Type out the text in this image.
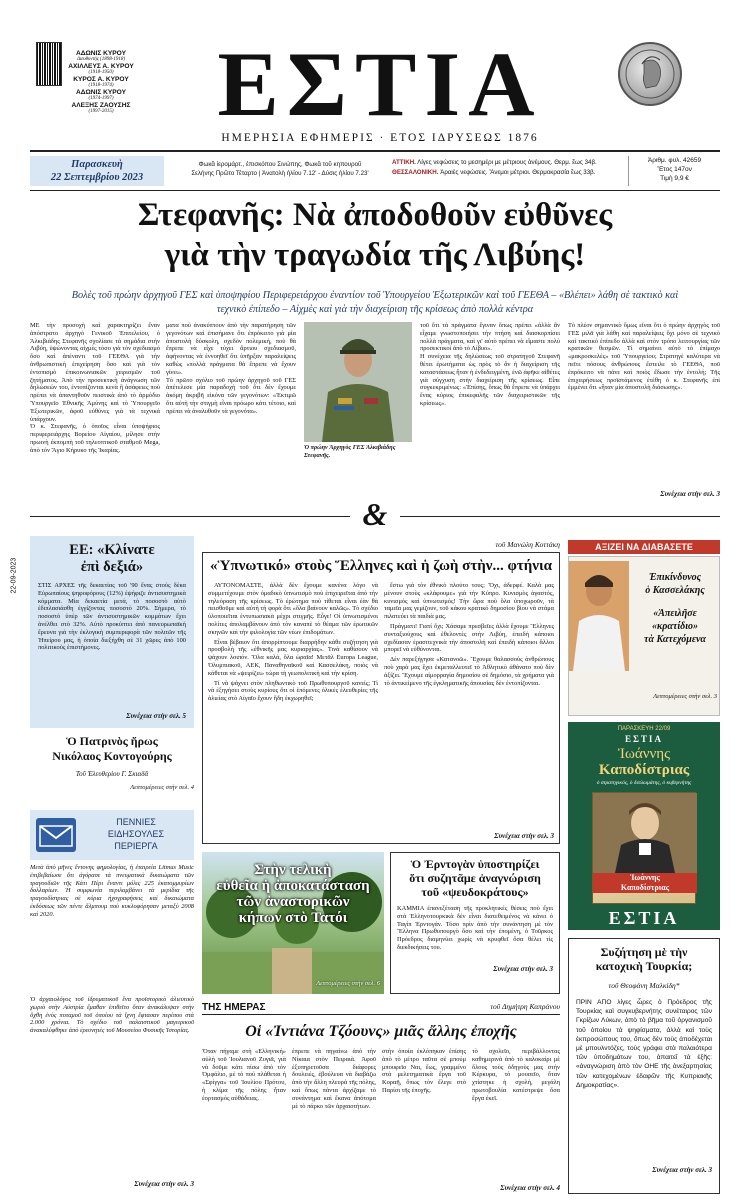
ΑΔΩΝΙΣ ΚΥΡΟΥ
Διευθυντής (1898-1918)
ΑΧΙΛΛΕΥΣ Α. ΚΥΡΟΥ
(1918-1950)
ΚΥΡΟΣ Α. ΚΥΡΟΥ
(1918-1974)
ΑΔΩΝΙΣ ΚΥΡΟΥ
(1974-1997)
ΑΛΕΞΗΣ ΖΑΟΥΣΗΣ
(1997-2015)	ΕΣΤΙΑ
ΗΜΕΡΗΣΙΑ ΕΦΗΜΕΡΙΣ · ΕΤΟΣ ΙΔΡΥΣΕΩΣ 1876
Παρασκευὴ
22 Σεπτεμβρίου 2023
Φωκᾶ ἱερομάρτ., ἐπισκόπου Σινώπης, Φωκᾶ τοῦ κηπουροῦ
Σελήνης Πρῶτο Τέταρτο | Ἀνατολὴ ἡλίου 7.12' - Δύσις ἡλίου 7.23'
ΑΤΤΙΚΗ. Λίγες νεφώσεις το μεσημέρι με μέτριους ἀνέμους. Θερμ. ἕως 34β.
ΘΕΣΣΑΛΟΝΙΚΗ. Ἀραιὲς νεφώσεις. Ἄνεμοι μέτριοι. Θερμοκρασία ἕως 33β.
Ἀριθμ. φυλ. 42659
Ἔτος 147ον
Τιμὴ 9,9 €
Στεφανῆς: Νὰ ἀποδοθοῦν εὐθῦνες
γιὰ τὴν τραγωδία τῆς Λιβύης!
Βολὲς τοῦ πρώην ἀρχηγοῦ ΓΕΣ καὶ ὑποψηφίου Περιφερειάρχου ἐναντίον τοῦ Ὑπουργείου Ἐξωτερικῶν καὶ τοῦ ΓΕΕΘΑ – «Βλέπει» λάθη σὲ τακτικὸ καὶ τεχνικὸ ἐπίπεδο – Αἰχμὲς καὶ γιὰ τὴν διαχείριση τῆς κρίσεως ἀπὸ πολλὰ κέντρα
ΜΕ τὴν προσοχὴ καὶ χαρακτηρίζει ἕναν ἀπόστρατο ἀρχηγὸ Γενικοῦ Ἐπιτελείου, ὁ Ἀλκιβιάδης Στεφανῆς σχολίασε τὰ σημάδια στὴν Λιβύη, ὑψώνοντας αἰχμὲς τόσο γιὰ τὸν σχεδιασμὸ ὅσο καὶ ἀπέναντι τοῦ ΓΕΕΘΑ γιὰ τὴν ἀνθρωπιστικὴ ἐπιχείρηση ὅσο καὶ γιὰ τὸν ἐντοπισμὸ ἐπικοινωνιακῶν χειρισμῶν τοῦ ζητήματος. Ἀπὸ τὴν προσεκτικὴ ἀνάγνωση τῶν δηλώσεών του, ἐντοπίζονται κενὰ ἢ ἀσάφειες ποὺ πρέπει νὰ ἀπαντηθοῦν πειστικὰ ἀπὸ τὸ ἀρμόδιο Ὑπουργεῖο Ἐθνικῆς Ἀμύνης καὶ τὸ Ὑπουργεῖο Ἐξωτερικῶν, ἀφοῦ εὐθύνες γιὰ τὰ τεχνικά ὑπάρχουν.
Ὁ κ. Στεφανῆς, ὁ ὁποῖος εἶναι ὑποψήφιος περιφερειάρχης Βορείου Αἰγαίου, μίλησε στὴν πρωινὴ ἐκπομπὴ τοῦ τηλεοπτικοῦ σταθμοῦ Mega, ἀπὸ τὸν Ἅγιο Κήρυκο τῆς Ἰκαρίας.
ματα ποὺ ἀνακύπτουν ἀπὸ τὴν παρατήρηση τῶν γεγονότων καὶ ἐπισήμανε ὅτι ἐπρόκειτο γιὰ μία ἀποστολὴ δύσκολη, σχεδὸν πολεμική, ποὺ θὰ ἔπρεπε νὰ εἶχε τύχει ἄρτιου σχεδιασμοῦ, ἀφήνοντας νὰ ἐννοηθεῖ ὅτι ὑπῆρξαν παραλείψεις καθὼς «πολλὰ πράγματα θὰ ἔπρεπε νὰ ἔχουν γίνει».
Τὸ πρῶτο σχόλιο τοῦ πρώην ἀρχηγοῦ τοῦ ΓΕΣ ἀπέτελεσε μία παραδοχὴ τοῦ ὅτι δὲν ἔχουμε ἀκόμη ἀκριβῆ εἰκόνα τῶν γεγονότων: «Ἐκτιμῶ ὅτι αὐτὴ τὴν στιγμὴ εἶναι πρόωρο κάτι τέτοιο, καὶ πρέπει νὰ ἀναλυθοῦν τὰ γεγονότα».
Ὁ πρώην Ἀρχηγὸς ΓΕΣ Ἀλκιβιάδης Στεφανῆς.
τοῦ ὅτι τὰ πράγματα ἔγιναν ὅπως πρέπει «ἀλλὰ ἂν εἶχαμε γνωστοποιήσει τὴν πτήση καὶ διασκορπίσει πολλὰ πράγματα, καὶ γι' αὐτὸ πρέπει νὰ εἴμαστε πολὺ προσεκτικοὶ ἀπὸ τὸ Λίβυο».
Η συνέχεια τῆς δηλώσεως τοῦ στρατηγοῦ Στεφανῆ θέτει ἐρωτήματα ὡς πρὸς τὸ ἂν ἡ διαχείριση τῆς καταστάσεως ἦταν ἡ ἐνδεδειγμένη, ἐνῶ ἀφῆκε αἰθέτες γιὰ σύγχυση στὴν διαχείριση τῆς κρίσεως. Εἶπε συγκεκριμένως: «Ἐπίσης, ὅπως θὰ ἔπρεπε νὰ ὑπάρχει ἕνας κύριος ἐπικεφαλῆς τῶν διαχειριστικῶν τῆς κρίσεως».
Τὸ πλέον σημαντικὸ ὅμως εἶναι ὅτι ὁ πρώην ἀρχηγὸς τοῦ ΓΕΣ μιλᾶ γιὰ λάθη καὶ παραλείψεις ὄχι μόνο σὲ τεχνικὸ καὶ τακτικὸ ἐπίπεδο ἀλλὰ καὶ στὸν τρόπο λειτουργίας τῶν κρατικῶν θεσμῶν. Τί σημαίνει αὐτὸ τὸ ἐπίμαχο «μακροσκελὲς» τοῦ Ὑπουργείου; Στρατηγὲ καλύτερα νὰ πεῖτε πόσους ἀνθρώπους ἔστειλε τὸ ΓΕΕΘΑ, ποῦ ἐπρόκειτο νὰ πάνε καὶ ποιὸς ἔδωσε τὴν ἐντολή; Τῆς ἐπιχειρήσεως προϊστάμενος ἐτέθη ὁ κ. Στεφανῆς ἐπὶ ἐμμένει ὅτι «ἦταν μία ἀποστολὴ διάσωσης».
Συνέχεια στὴν σελ. 3
&
ΕΕ: «Κλίνατε
ἐπὶ δεξιά»
ΣΤΙΣ ΑΡΧΕΣ τῆς δεκαετίας τοῦ '90 ἕνας στοὺς δέκα Εὐρωπαίους ψηφοφόρους (12%) ἐψήφιζε ἀντισυστημικὰ κόμματα. Μία δεκαετία μετά, τὸ ποσοστὸ αὐτὸ ἐδιπλασιάσθη ἐγγίζοντας ποσοστὸ 20%. Σήμερα, τὸ ποσοστὸ ὑπὲρ τῶν ἀντισυστημικῶν κομμάτων ἔχει ἀνέλθει στὸ 32%. Αὐτὸ προκύπτει ἀπὸ πανευρωπαϊκὴ ἔρευνα γιὰ τὴν ἐκλογικὴ συμπεριφορὰ τῶν πολιτῶν τῆς Ἠπείρου μας, ἡ ὁποία διεξήχθη σὲ 31 χῶρες ἀπὸ 100 πολιτικοὺς ἐπιστήμονες.
Συνέχεια στὴν σελ. 5
Ὁ Πατρινὸς ἥρως
Νικόλαος Κοντογούρης
Τοῦ Ἐλευθερίου Γ. Σκιαδᾶ
Λεπτομέρειες στὴν σελ. 4
ΠΕΝΝΙΕΣ
ΕΙΔΗΣΟΥΛΕΣ
ΠΕΡΙΕΡΓΑ
Μετὰ ἀπὸ μῆνες ἔντονης φημολογίας, ἡ ἑταιρεία Litmus Music ἐπιβεβαίωσε ὅτι ἀγόρασε τὰ πνευματικὰ δικαιώματα τῶν τραγουδιῶν τῆς Κάτι Πέρι ἔναντι μόλις 225 ἑκατομμυρίων δολλαρίων. Ἡ συμφωνία περιλαμβάνει τὰ μερίδια τῆς τραγουδίστριας σὲ κύρια ἠχογραφήσεις καὶ δικαιώματα ἐκδόσεως τῶν πέντε ἄλμπουμ ποὺ κυκλοφόρησαν μεταξὺ 2008 καὶ 2020.
Ὁ ἀρχαιολόγος τοῦ ἱδρυματικοῦ ἕνα προϊστορικὸ ἀλιευτικὸ χωριὸ στὴν Αὐστρία ἔμαθαν ἐπιθεῖτο ὅταν ἀνακάλυψαν στὴν ὄχθη ἑνὸς ποταμοῦ τοῦ ὁποίου τὰ ἴχνη ἔφτασαν περίπου στὰ 2.000 χρόνια. Τὸ σχέδιο τοῦ παλαιστικοῦ μαγειρικοῦ ἀνακαλύφθηκε ἀπὸ ἐρευνητὲς τοῦ Μουσείου Φυσικῆς Ἱστορίας.
Συνέχεια στὴν σελ. 3
22-09-2023
τοῦ Μανώλη Κοττάκη
«Ὑπνωτικό» στοὺς Ἕλληνες καὶ ἡ ζωὴ στὴν... φτήνια

ΑΥΤΟΝΟΜΑΣΤΕ, ἀλλὰ δὲν ἔχουμε κανένα λόγο νὰ συμμετέχουμε στὸν ὁμαδικὸ ὑπνωτισμὸ ποὺ ἐπιχειρεῖται ἀπὸ τὴν τηλεόραση τῆς κρίσεως. Τὸ ἐρώτημα ποὺ τίθεται εἶναι ἐὰν θὰ πεισθοῦμε καὶ αὐτὴ τὴ φορὰ ὅτι «ὅλα βαίνουν καλῶς». Τὸ σχέδιο ὑλοποιεῖται ἐντυπωσιακὰ μέχρι στιγμῆς. Εὖγε! Οἱ ὑπνωτισμένοι πολίτες ἀπολαμβάνουν ἀπὸ τὸν καναπὲ τὸ θέαμα τῶν ἐρωτικῶν σκηνῶν καὶ τὴν φιλολογία τῶν νέων ἐπιδομάτων.

Εἶναι βέβαιον ὅτι ἀπορρίπτουμε διαρρήδην κάθε συζήτηση γιὰ προσβολὴ τῆς «ἐθνικῆς μας κυριαρχίας». Τινὰ καθίσουν νὰ ψάχουν λοιπόν. Ὅλα καλά, ὅλα ὡραῖα! Μετᾶλ Europa League, Ὀλυμπιακοῦ, AEK, Παναθηναϊκοῦ καὶ Κασσελάκη, ποιὸς νὰ κάθεται νὰ «ψειρίζει» τώρα τὴ γεωπολιτικὴ καὶ τὴν κρίση.

Τί νὰ ψάχνει στὸν πληθωντικὸ τοῦ Πρωθυπουργοῦ κανείς; Τὶ νὰ ἐξηγήσει στοὺς κυρίους ὅτι οἱ ἑπόμενες ὁλικὲς ἐλευθερίες τῆς ἀλιείας στὸ Αἰγαῖο ἔχουν ἤδη ἐκχωρηθεῖ;

ἔστω γιὰ τὸν ἐθνικὸ πλούτο τους; Ὄχι, ἀδερφέ. Καλὰ μας μένουν στοὺς «κλάφουμε» γιὰ τὴν Κύπρο. Κυνισμὸς ἀγαστός, κυνισμὸς καὶ ὑπνωτισμός! Τὴν ὥρα ποὺ ὅλα ὑποχωροῦν, τὰ ταμεῖα μας γεμίζουν, τοῦ κάκου κρατικό δημοσίου βίου νὰ στάμα πιλατεύει τὰ παιδιὰ μας.

Πράγματι! Γιατί ὄχι; Χάσαμε πρεσβεῖες ἀλλὰ ἔχουμε Ἕλληνες συνταξιούχους καὶ ἐθελοντὲς στὴν Λιβύη, ἐπειδὴ κάποιοι σχεδίασαν ἐρασιτεχνικὰ τὴν ἀποστολή καὶ ἐπειδὴ κάποιοι ἄλλοι μπορεῖ νὰ εὐθύνονται.

Δὲν παρεξήγησα «Κατανοῶ». Ἔχουμε θαλασσοὺς ἀνθρώπους ποὺ χαρὰ μας ἔχει ἐκμεταλλευτεῖ τὸ Ἀθλητικὸ ἀθάνατο ποὺ δὲν ἀξίζει. Ἔχουμε αἱμορραγία δημοσίου σὲ δημόσιο, τὰ χρήματα γιὰ τὸ ἀντικείμενο τῆς ἐγκληματικῆς ἀπουσίας δὲν ἐντοπίζονται.

Συνέχεια στὴν σελ. 3
Στὴν τελικὴ
εὐθεῖα ἡ ἀποκατάσταση
τῶν ἀναστορικῶν
κήπων στὸ Τατόι
Λεπτομέρειες στὴν σελ. 6
Ὁ Ἐρντογὰν ὑποστηρίζει
ὅτι συζητᾶμε ἀναγνώριση
τοῦ «ψευδοκράτους»
ΚΑΜΜΙΑ ἐπανεξέταση τῆς προκλητικές θέσεις ποὺ ἔχει στὰ Ἑλληνοτουρκικὰ δὲν εἶναι διατεθειμένος νὰ κάνει ὁ Ταγίπ Ἐρντογάν. Τόσο πρὶν ἀπὸ τὴν συνάντηση μὲ τὸν Ἕλληνα Πρωθυπουργὸ ὅσο καὶ τὴν ἑπομένη, ὁ Τοῦρκος Πρόεδρος διαμηνύει χωρὶς νὰ κρυφθεῖ ὅσα θέλει τὶς διεκδικήσεις του.
Συνέχεια στὴν σελ. 3
ΤΗΣ ΗΜΕΡΑΣ	τοῦ Δημήτρη Καπράνου
Οἱ «Ἰντιάνα Τζόουνς» μιᾶς ἄλλης ἐποχῆς
Ὅταν πήγαμε στὴ «Ελληνική» αὐλὴ τοῦ Ἰουλιανοῦ Ζυγιᾶ, γιὰ νὰ δοῦμε κάτι πίσω ἀπὸ τὸν Ὀμφάλιο, μὲ τὸ πού πλάθεται ἡ «Σφίγγα» τοῦ Ἰουλίου Πρότου, ἡ κλίμα τῆς πόλης ἦταν ἑορτασμὸς αὐθάδειας.
ἐπρεπε νὰ πηγαίνω ἀπὸ τὴν Νίκαια στὸν Πειραιὰ. Ἀφοῦ ἐξυπηρετοῦσα διάφορες δουλειές, ἐβούλευα νὰ διαβάζω ἀπὸ τὴν ἄλλη πλευρά τῆς πόλης, καὶ ὅπως πάντα ἀρχίζαμε τὸ συνάντημα καὶ ἔκανα ἀπότομα μὲ τὸ πάρκο τῶν ἀρχαιοτήτων.
στὴν ὁποία ἐκλόπηκαν ἐπίσης ἀπὸ τὸ μέτρο ταῦτα σὲ μπούμ μπουφεῖο Ναι, ἕως, γραμμένο στὰ μελετηματικὰ ἔργα τοῦ Κοραῆ, ὅπως τὸν ἔλεγε στὸ Παρίσι τῆς ἐποχῆς.
τὸ σχολεῖο, περιβάλλοντας καθημερινὰ ἀπὸ τὸ καλοκαίρι μὲ ὅλους τοὺς ὁδηγοὺς μας στὴν Κέρκυρα, τὸ μουσεῖο, ὅταν χτίστηκε ἡ σχολὴ, μεγάλη πρωτοβουλία κατέστρεψε ὅσα ἔργα ἐκεῖ.
Συνέχεια στὴν σελ. 4
ΑΞΙΖΕΙ ΝΑ ΔΙΑΒΑΣΕΤΕ
Ἐπικίνδυνος
ὁ Κασσελάκης
«Ἀπειλῆσε
«κρατίδιο»
τὰ Κατεχόμενα
Λεπτομέρειες στὴν σελ. 3
ΠΑΡΑΣΚΕΥΗ 22/09
ΕΣΤΙΑ
Ἰωάννης
Καποδίστριας
ὁ στρατηγικός, ὁ διπλωμάτης, ὁ κυβερνήτης
Ἰωάννης
Καποδίστριας
ΕΣΤΙΑ
Συζήτηση μὲ τὴν
κατοχικὴ Τουρκία;
τοῦ Θεοφάνη Μαλκίδη*
ΠΡΙΝ ΑΠΟ λίγες ὧρες ὁ Πρόεδρος τῆς Τουρκίας καὶ συγκυβερνήτης συνέταιρος τῶν Γκρίζων Λύκων, ἀπὸ τὸ βῆμα τοῦ ὀργανισμοῦ τοῦ ὁποίου τὰ ψηφίσματα, ἀλλὰ καὶ τοὺς ἐκπροσώπους του, ὅπως δὲν τοὺς ἀποδέχεται μὲ μπουλντόζες, τοὺς γράφει στὰ παλαιότερα τῶν ὑποδημάτων του, ἀπαιτεῖ τὰ ἐξῆς: «ἀναγνώριση ἀπὸ τὸν ΟΗΕ τῆς ἀνεξαρτησίας τῶν κατεχομένων ἐδαφῶν τῆς Κυπριακῆς Δημοκρατίας».
Συνέχεια στὴν σελ. 3
